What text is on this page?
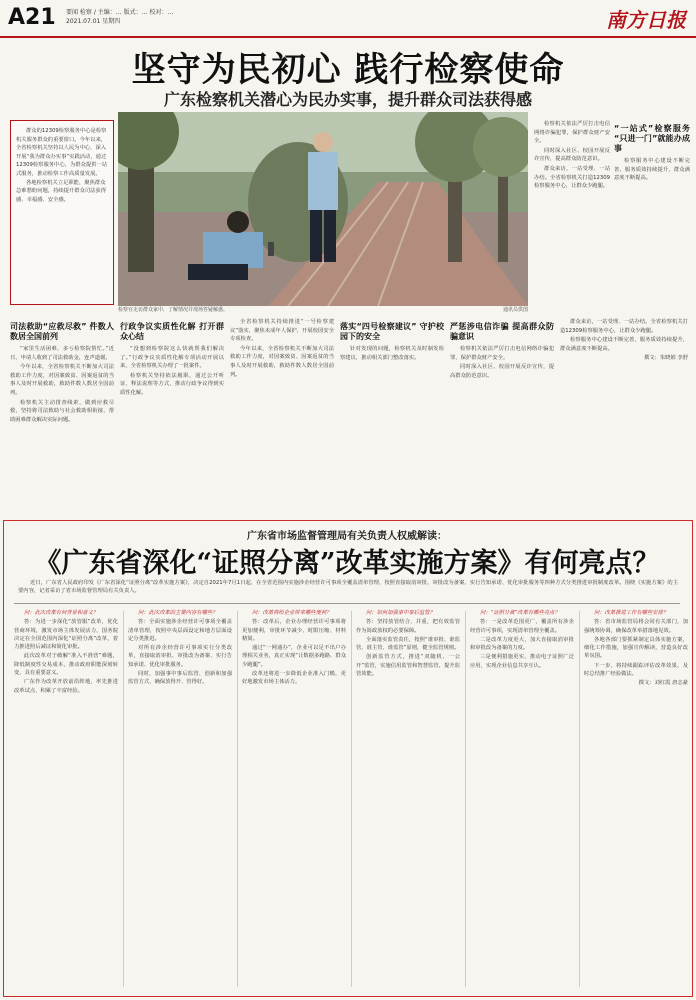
A21 要闻 检察 / 主编：… 版式：… 校对：…
2021.07.01 星期四	南方日报
坚守为民初心 践行检察使命
广东检察机关潜心为民办实事，提升群众司法获得感

群众的12309检察服务中心是检察机关服务群众的重要窗口。今年以来，全省检察机关坚持以人民为中心，深入开展“我为群众办实事”实践活动，通过12309检察服务中心，为群众提供一站式服务，推动检察工作高质量发展。

各地检察机关立足职能，聚焦群众急难愁盼问题，持续提升群众司法获得感、幸福感、安全感。

检察官走访群众家中，了解情况并现场答疑解惑。	通讯员供图

检察机关依法严厉打击电信网络诈骗犯罪，保护群众财产安全。

同时深入社区、校园开展反诈宣传，提高群众防范意识。

群众来访，一站受理、一站办结。全省检察机关打造12309检察服务中心，让群众少跑腿。

“一站式”检察服务 “只进一门”就能办成事

检察服务中心建设不断完善，服务质效持续提升，群众满意度不断提高。

司法救助“应救尽救” 件数人数居全国前列

“家里生活困难，多亏检察院帮忙。”近日，申请人收到了司法救助金，连声道谢。

今年以来，全省检察机关不断加大司法救助工作力度，对因案致贫、因案返贫的当事人及时开展救助，救助件数人数居全国前列。

检察机关主动排查线索，做到应救尽救，坚持将司法救助与社会救助相衔接，帮助困难群众解决实际问题。

行政争议实质性化解 打开群众心结

“没想到检察院这么快就帮我们解决了。”行政争议实质性化解专项活动开展以来，全省检察机关办理了一批案件。

检察机关坚持依法履职，通过公开听证、释法说理等方式，推动行政争议得到实质性化解。

全省检察机关持续推进“一号检察建议”落实，聚焦未成年人保护，开展校园安全专项检查。

今年以来，全省检察机关不断加大司法救助工作力度，对因案致贫、因案返贫的当事人及时开展救助，救助件数人数居全国前列。

落实“四号检察建议” 守护校园下的安全

针对发现的问题，检察机关及时制发检察建议，推动相关部门整改落实。

严惩涉电信诈骗 提高群众防骗意识

检察机关依法严厉打击电信网络诈骗犯罪，保护群众财产安全。

同时深入社区、校园开展反诈宣传，提高群众防范意识。

群众来访，一站受理、一站办结。全省检察机关打造12309检察服务中心，让群众少跑腿。

检察服务中心建设不断完善，服务质效持续提升，群众满意度不断提高。

撰文：朱晓娟 李舒

广东省市场监督管理局有关负责人权威解读：
《广东省深化“证照分离”改革实施方案》有何亮点？
近日，广东省人民政府印发《广东省深化“证照分离”改革实施方案》，决定自2021年7月1日起，在全省范围内实施涉企经营许可事项全覆盖清单管理，按照直接取消审批、审批改为备案、实行告知承诺、优化审批服务等四种方式分类推进审批制度改革。围绕《实施方案》的主要内容，记者采访了省市场监督管理局有关负责人。

问：此次改革有何背景和意义？

答：为进一步深化“放管服”改革，优化营商环境，激发市场主体发展活力，国务院决定在全国范围内深化“证照分离”改革，着力推进照后减证和简化审批。

此次改革对于破解“准入不准营”难题，降低制度性交易成本，推动政府职能深刻转变，具有重要意义。

广东作为改革开放前沿阵地，率先推进改革试点，积累了丰富经验。

问：此次改革的主要内容有哪些？

答：全面实施涉企经营许可事项全覆盖清单管理，按照中央层面设定和地方层面设定分类推进。

对所有涉企经营许可事项实行分类改革，直接取消审批、审批改为备案、实行告知承诺、优化审批服务。

同时，加强事中事后监管，创新和加强监管方式，确保放得开、管得好。

问：改革将给企业带来哪些便利？

答：改革后，企业办理经营许可事项将更加便利，审批环节减少、时限压缩、材料精简。

通过“一网通办”，企业可以足不出户办理相关业务，真正实现“让数据多跑路、群众少跑腿”。

改革还将进一步降低企业准入门槛，更好地激发市场主体活力。

问：如何加强事中事后监管？

答：坚持放管结合、并重，把有效监管作为简政放权的必要保障。

全面落实监管责任，按照“谁审批、谁监管，谁主管、谁监管”原则，健全监管规则。

创新监管方式，推进“双随机、一公开”监管，实施信用监管和智慧监管，提升监管效能。

问：“证照分离”改革有哪些亮点？

答：一是改革范围更广，覆盖所有涉企经营许可事项，实现清单管理全覆盖。

二是改革力度更大，加大直接取消审批和审批改为备案的力度。

三是便利措施更实，推动电子证照广泛应用，实现企业信息共享互认。

问：改革推进工作有哪些安排？

答：省市场监管局将会同有关部门，加强统筹协调，确保改革举措落地见效。

各地各部门要抓紧制定具体实施方案，细化工作措施，加强宣传解读，营造良好改革氛围。

下一步，将持续跟踪评估改革效果，及时总结推广经验做法。

撰文：刘红霞 唐志豪
